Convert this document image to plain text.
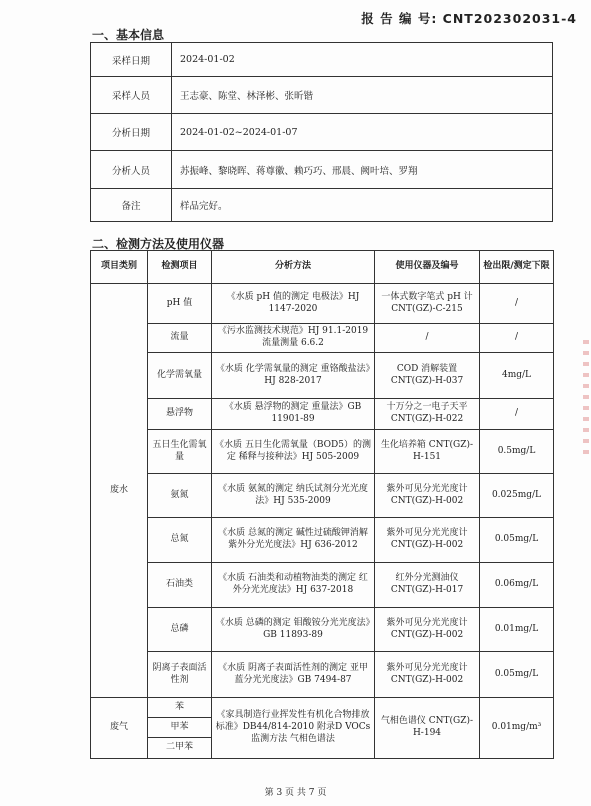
报 告 编 号: CNT202302031-4
一、基本信息
采样日期	2024-01-02
采样人员	王志豪、陈堂、林泽彬、张昕锴
分析日期	2024-01-02~2024-01-07
分析人员	苏振峰、黎晓晖、蒋尊徽、赖巧巧、邢晨、阙叶培、罗翔
备注	样品完好。
二、检测方法及使用仪器
项目类别	检测项目	分析方法	使用仪器及编号	检出限/测定下限
废水	pH 值	《水质 pH 值的测定 电极法》HJ 1147-2020	一体式数字笔式 pH 计 CNT(GZ)-C-215	/
	流量	《污水监测技术规范》HJ 91.1-2019 流量测量 6.6.2	/	/
	化学需氧量	《水质 化学需氧量的测定 重铬酸盐法》HJ 828-2017	COD 消解装置 CNT(GZ)-H-037	4mg/L
	悬浮物	《水质 悬浮物的测定 重量法》GB 11901-89	十万分之一电子天平 CNT(GZ)-H-022	/
	五日生化需氧量	《水质 五日生化需氧量（BOD5）的测定 稀释与接种法》HJ 505-2009	生化培养箱 CNT(GZ)-H-151	0.5mg/L
	氨氮	《水质 氨氮的测定 纳氏试剂分光光度法》HJ 535-2009	紫外可见分光光度计 CNT(GZ)-H-002	0.025mg/L
	总氮	《水质 总氮的测定 碱性过硫酸钾消解紫外分光光度法》HJ 636-2012	紫外可见分光光度计 CNT(GZ)-H-002	0.05mg/L
	石油类	《水质 石油类和动植物油类的测定 红外分光光度法》HJ 637-2018	红外分光测油仪 CNT(GZ)-H-017	0.06mg/L
	总磷	《水质 总磷的测定 钼酸铵分光光度法》GB 11893-89	紫外可见分光光度计 CNT(GZ)-H-002	0.01mg/L
	阴离子表面活性剂	《水质 阴离子表面活性剂的测定 亚甲蓝分光光度法》GB 7494-87	紫外可见分光光度计 CNT(GZ)-H-002	0.05mg/L
废气	苯	《家具制造行业挥发性有机化合物排放标准》DB44/814-2010 附录D VOCs监测方法 气相色谱法	气相色谱仪 CNT(GZ)-H-194	0.01mg/m³
	甲苯			
	二甲苯			
第 3 页 共 7 页
